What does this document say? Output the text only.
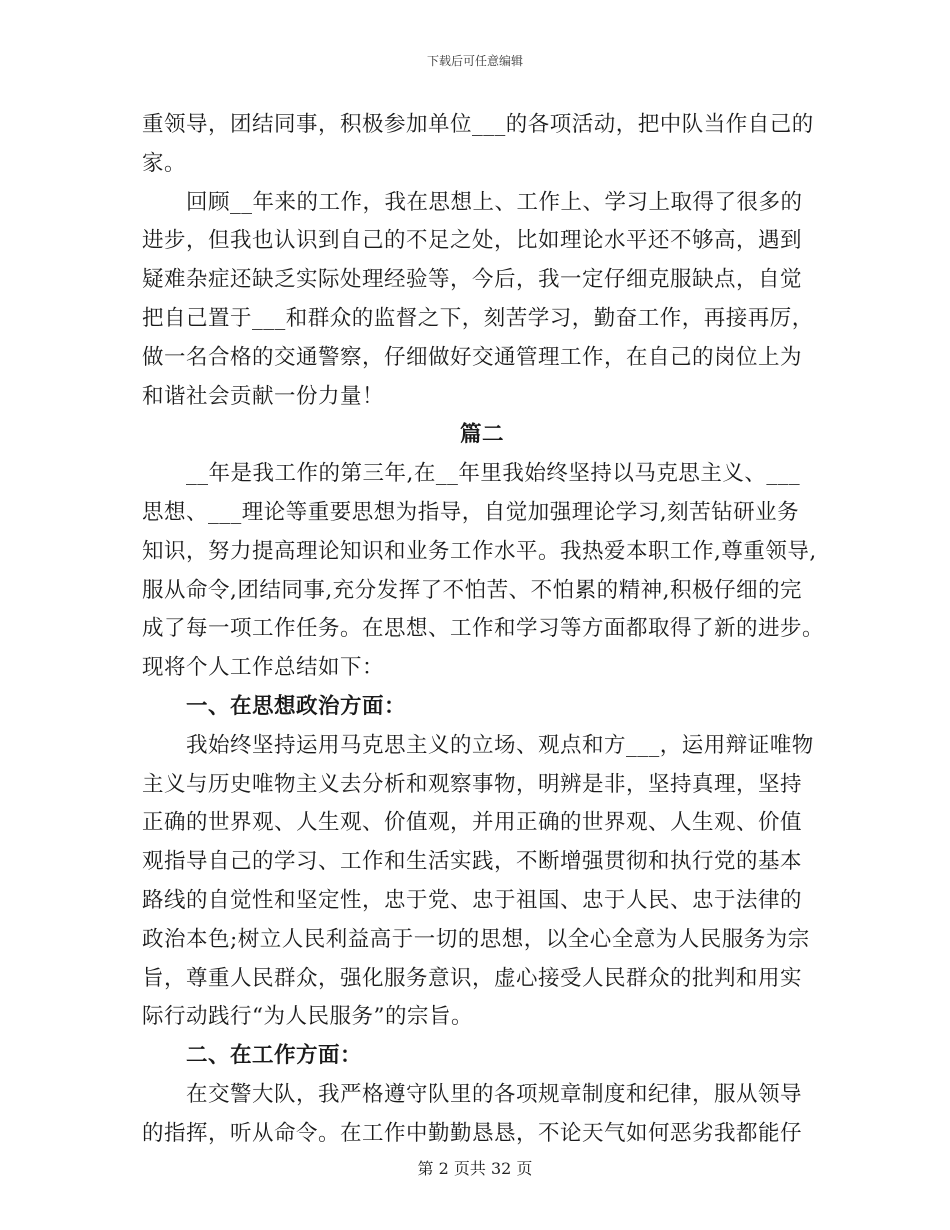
下载后可任意编辑
重领导，团结同事，积极参加单位___的各项活动，把中队当作自己的
家。
回顾__年来的工作，我在思想上、工作上、学习上取得了很多的
进步，但我也认识到自己的不足之处，比如理论水平还不够高，遇到
疑难杂症还缺乏实际处理经验等，今后，我一定仔细克服缺点，自觉
把自己置于___和群众的监督之下，刻苦学习，勤奋工作，再接再厉，
做一名合格的交通警察，仔细做好交通管理工作，在自己的岗位上为
和谐社会贡献一份力量！
篇二
__年是我工作的第三年,在__年里我始终坚持以马克思主义、___
思想、___理论等重要思想为指导，自觉加强理论学习,刻苦钻研业务
知识，努力提高理论知识和业务工作水平。我热爱本职工作,尊重领导,
服从命令,团结同事,充分发挥了不怕苦、不怕累的精神,积极仔细的完
成了每一项工作任务。在思想、工作和学习等方面都取得了新的进步。
现将个人工作总结如下：
一、在思想政治方面：
我始终坚持运用马克思主义的立场、观点和方___，运用辩证唯物
主义与历史唯物主义去分析和观察事物，明辨是非，坚持真理，坚持
正确的世界观、人生观、价值观，并用正确的世界观、人生观、价值
观指导自己的学习、工作和生活实践，不断增强贯彻和执行党的基本
路线的自觉性和坚定性，忠于党、忠于祖国、忠于人民、忠于法律的
政治本色;树立人民利益高于一切的思想，以全心全意为人民服务为宗
旨，尊重人民群众，强化服务意识，虚心接受人民群众的批判和用实
际行动践行“为人民服务”的宗旨。
二、在工作方面：
在交警大队，我严格遵守队里的各项规章制度和纪律，服从领导
的指挥，听从命令。在工作中勤勤恳恳，不论天气如何恶劣我都能仔
第 2 页共 32 页
